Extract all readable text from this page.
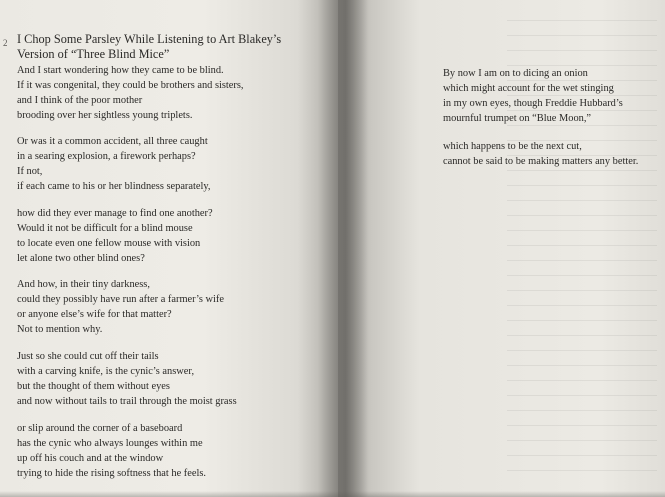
2 I Chop Some Parsley While Listening to Art Blakey’s
Version of “Three Blind Mice”
And I start wondering how they came to be blind.
If it was congenital, they could be brothers and sisters,
and I think of the poor mother
brooding over her sightless young triplets.
Or was it a common accident, all three caught
in a searing explosion, a firework perhaps?
If not,
if each came to his or her blindness separately,
how did they ever manage to find one another?
Would it not be difficult for a blind mouse
to locate even one fellow mouse with vision
let alone two other blind ones?
And how, in their tiny darkness,
could they possibly have run after a farmer’s wife
or anyone else’s wife for that matter?
Not to mention why.
Just so she could cut off their tails
with a carving knife, is the cynic’s answer,
but the thought of them without eyes
and now without tails to trail through the moist grass
or slip around the corner of a baseboard
has the cynic who always lounges within me
up off his couch and at the window
trying to hide the rising softness that he feels.
By now I am on to dicing an onion
which might account for the wet stinging
in my own eyes, though Freddie Hubbard’s
mournful trumpet on “Blue Moon,”
which happens to be the next cut,
cannot be said to be making matters any better.
